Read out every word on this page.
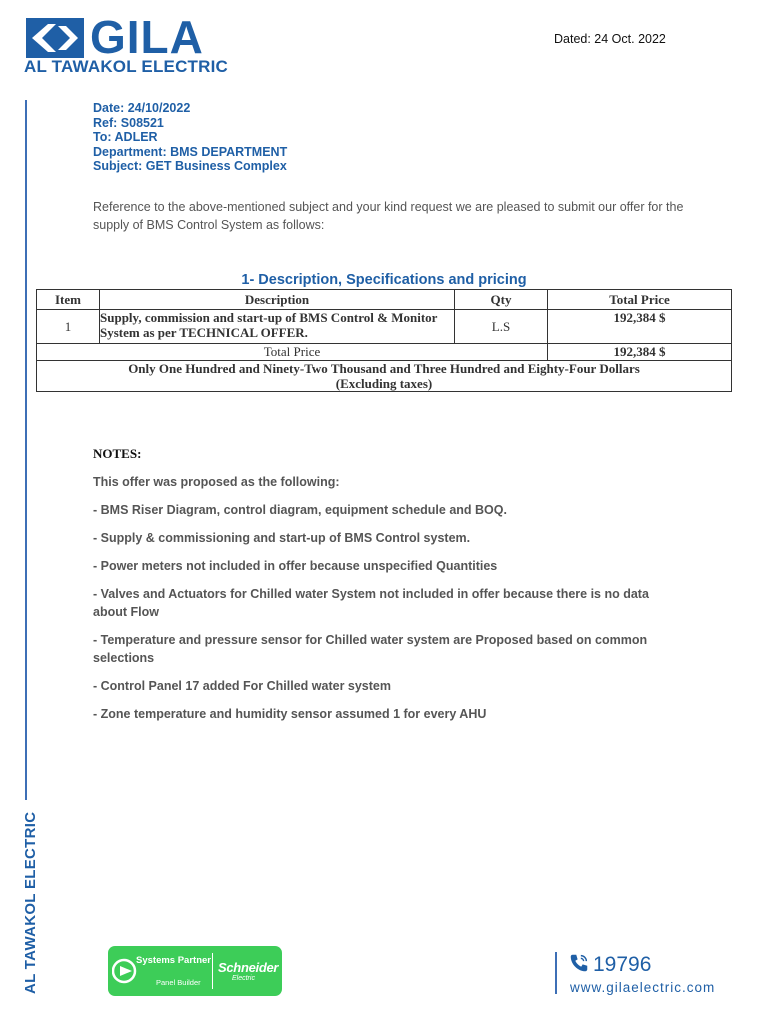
GILA
AL TAWAKOL ELECTRIC
Dated: 24 Oct. 2022
AL TAWAKOL ELECTRIC
Date: 24/10/2022
Ref: S08521
To: ADLER
Department: BMS DEPARTMENT
Subject: GET Business Complex
Reference to the above-mentioned subject and your kind request we are pleased to submit our offer for the supply of BMS Control System as follows:
1- Description, Specifications and pricing
Item	Description	Qty	Total Price
1	Supply, commission and start-up of BMS Control & Monitor System as per TECHNICAL OFFER.	L.S	192,384 $
Total Price			192,384 $

Only One Hundred and Ninety-Two Thousand and Three Hundred and Eighty-Four Dollars
(Excluding taxes)			
NOTES:

This offer was proposed as the following:

- BMS Riser Diagram, control diagram, equipment schedule and BOQ.

- Supply & commissioning and start-up of BMS Control system.

- Power meters not included in offer because unspecified Quantities

- Valves and Actuators for Chilled water System not included in offer because there is no data about Flow

- Temperature and pressure sensor for Chilled water system are Proposed based on common selections

- Control Panel 17 added For Chilled water system

- Zone temperature and humidity sensor assumed 1 for every AHU

Systems Partner
Panel Builder
Schneider
Electric
19796
www.gilaelectric.com
